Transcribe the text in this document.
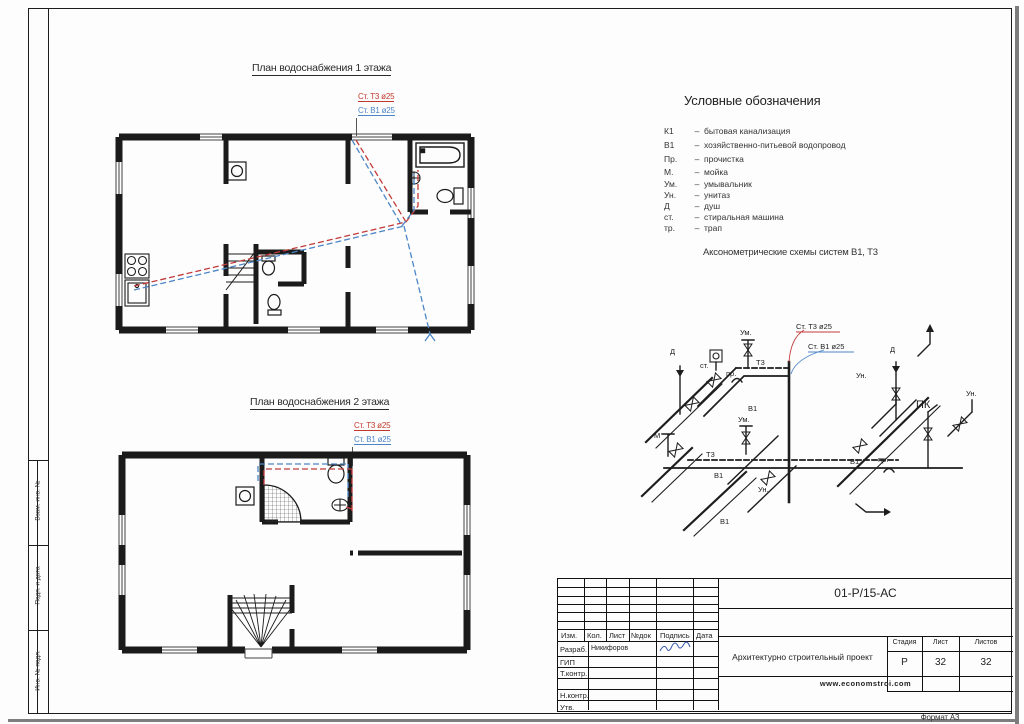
Взам. инв. №
Подп. и дата
Инв. № подл.
План водоснабжения 1 этажа
Ст. Т3 ø25
Ст. В1 ø25
План водоснабжения 2 этажа
Ст. Т3 ø25
Ст. В1 ø25
Условные обозначения
К1 – бытовая канализация
В1 – хозяйственно-питьевой водопровод
Пр. – прочистка
М. – мойка
Ум. – умывальник
Ун. – унитаз
Д	– душ
ст. – стиральная машина
тр. – трап
Аксонометрические схемы систем В1, Т3
Ст. Т3 ø25
Ст. В1 ø25
Д
ст.
Ум.
пр.
Т3
В1
М
Ум.
Т3
В1
Ун.
В1
Ун.
Д
пр.
ПК
Ун.
В1
01-Р/15-АС
Изм. Кол. Лист №док Подпись Дата
Разраб. Никифоров
ГИП
Т.контр.
Н.контр.
Утв.
Архитектурно строительный проект
Стадия	Лист	Листов
Р	32	32
www.economstroi.com
Формат А3
